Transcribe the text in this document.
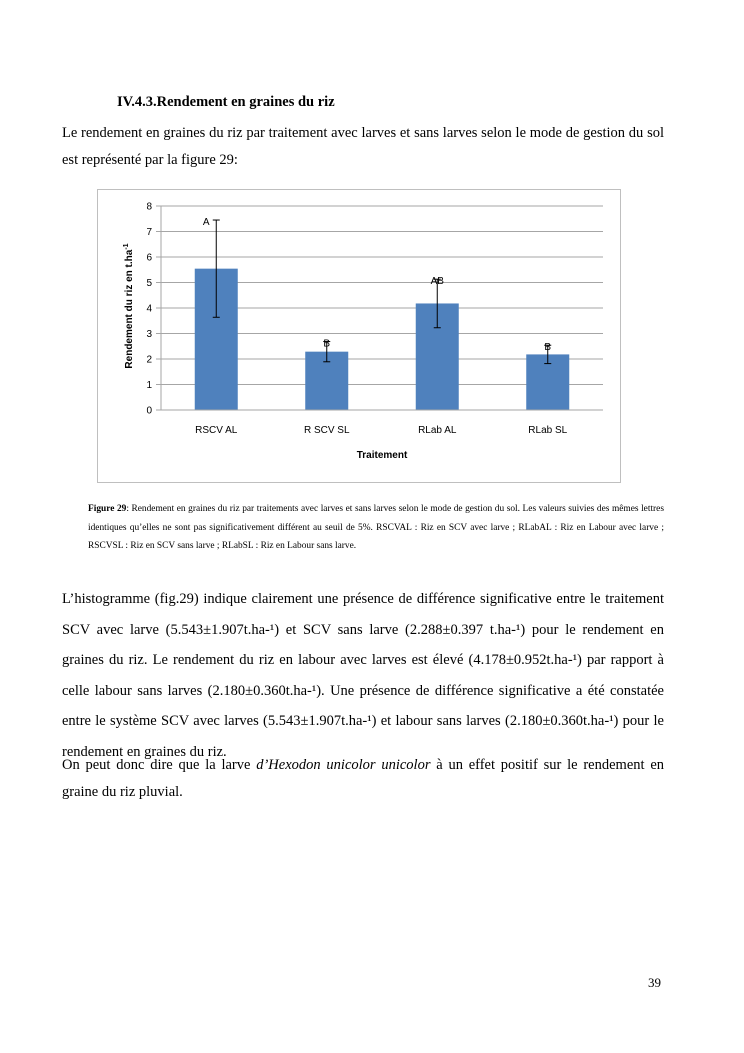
IV.4.3.Rendement en graines du riz
Le rendement en graines du riz par traitement avec larves et sans larves selon le mode de gestion du sol est représenté par la figure 29:
0
1
2
3
4
5
6
7
8
A
B
AB
B
RSCV AL	R SCV SL	RLab AL	RLab SL
Traitement
Rendement du riz en $t.ha^{-1}$
Figure 29: Rendement en graines du riz par traitements avec larves et sans larves selon le mode de gestion du sol. Les valeurs suivies des mêmes lettres identiques qu’elles ne sont pas significativement différent au seuil de 5%. RSCVAL : Riz en SCV avec larve ; RLabAL : Riz en Labour avec larve ; RSCVSL : Riz en SCV sans larve ; RLabSL : Riz en Labour sans larve.
L’histogramme (fig.29) indique clairement une présence de différence significative entre le traitement SCV avec larve (5.543±1.907t.ha-¹) et SCV sans larve (2.288±0.397 t.ha-¹) pour le rendement en graines du riz. Le rendement du riz en labour avec larves est élevé (4.178±0.952t.ha-¹) par rapport à celle labour sans larves (2.180±0.360t.ha-¹). Une présence de différence significative a été constatée entre le système SCV avec larves (5.543±1.907t.ha-¹) et labour sans larves (2.180±0.360t.ha-¹) pour le rendement en graines du riz.
On peut donc dire que la larve d’Hexodon unicolor unicolor à un effet positif sur le rendement en graine du riz pluvial.
39
